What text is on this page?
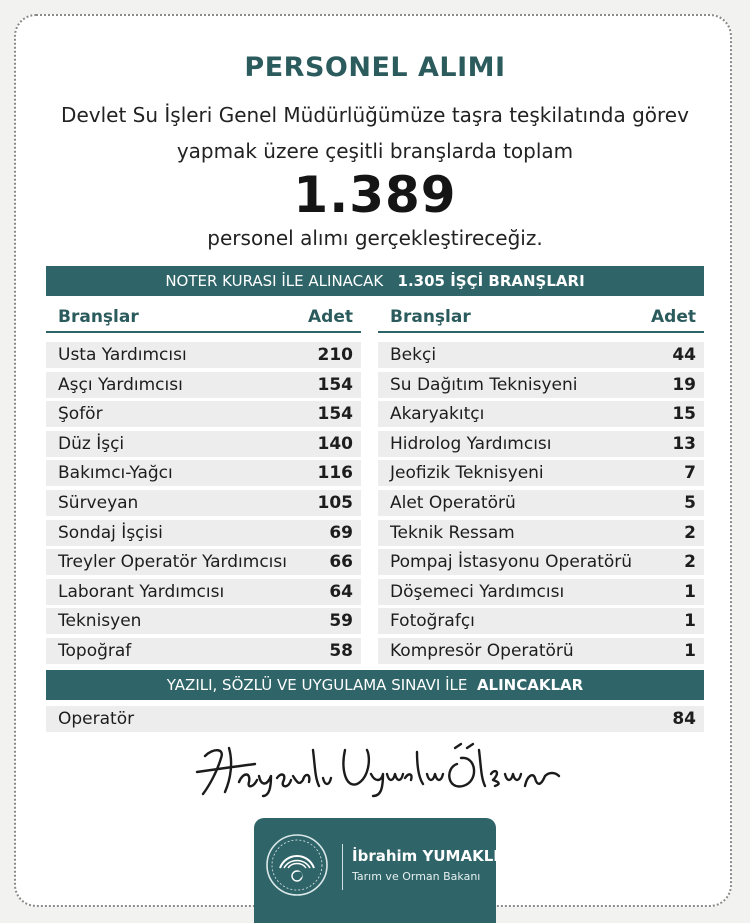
PERSONEL ALIMI
Devlet Su İşleri Genel Müdürlüğümüze taşra teşkilatında görev
yapmak üzere çeşitli branşlarda toplam
1.389
personel alımı gerçekleştireceğiz.
NOTER KURASI İLE ALINACAK 1.305 İŞÇİ BRANŞLARI
Branşlar	Adet Branşlar	Adet
Usta Yardımcısı	210
Aşçı Yardımcısı	154
Şoför	154
Düz İşçi	140
Bakımcı-Yağcı	116
Sürveyan	105
Sondaj İşçisi	69
Treyler Operatör Yardımcısı 66
Laborant Yardımcısı	64
Teknisyen	59
Topoğraf	58
Bekçi	44
Su Dağıtım Teknisyeni	19
Akaryakıtçı	15
Hidrolog Yardımcısı	13
Jeofizik Teknisyeni	7
Alet Operatörü	5
Teknik Ressam	2
Pompaj İstasyonu Operatörü	2
Döşemeci Yardımcısı	1
Fotoğrafçı	1
Kompresör Operatörü	1
YAZILI, SÖZLÜ VE UYGULAMA SINAVI İLE ALINCAKLAR
Operatör	84
İbrahim YUMAKLI
Tarım ve Orman Bakanı
